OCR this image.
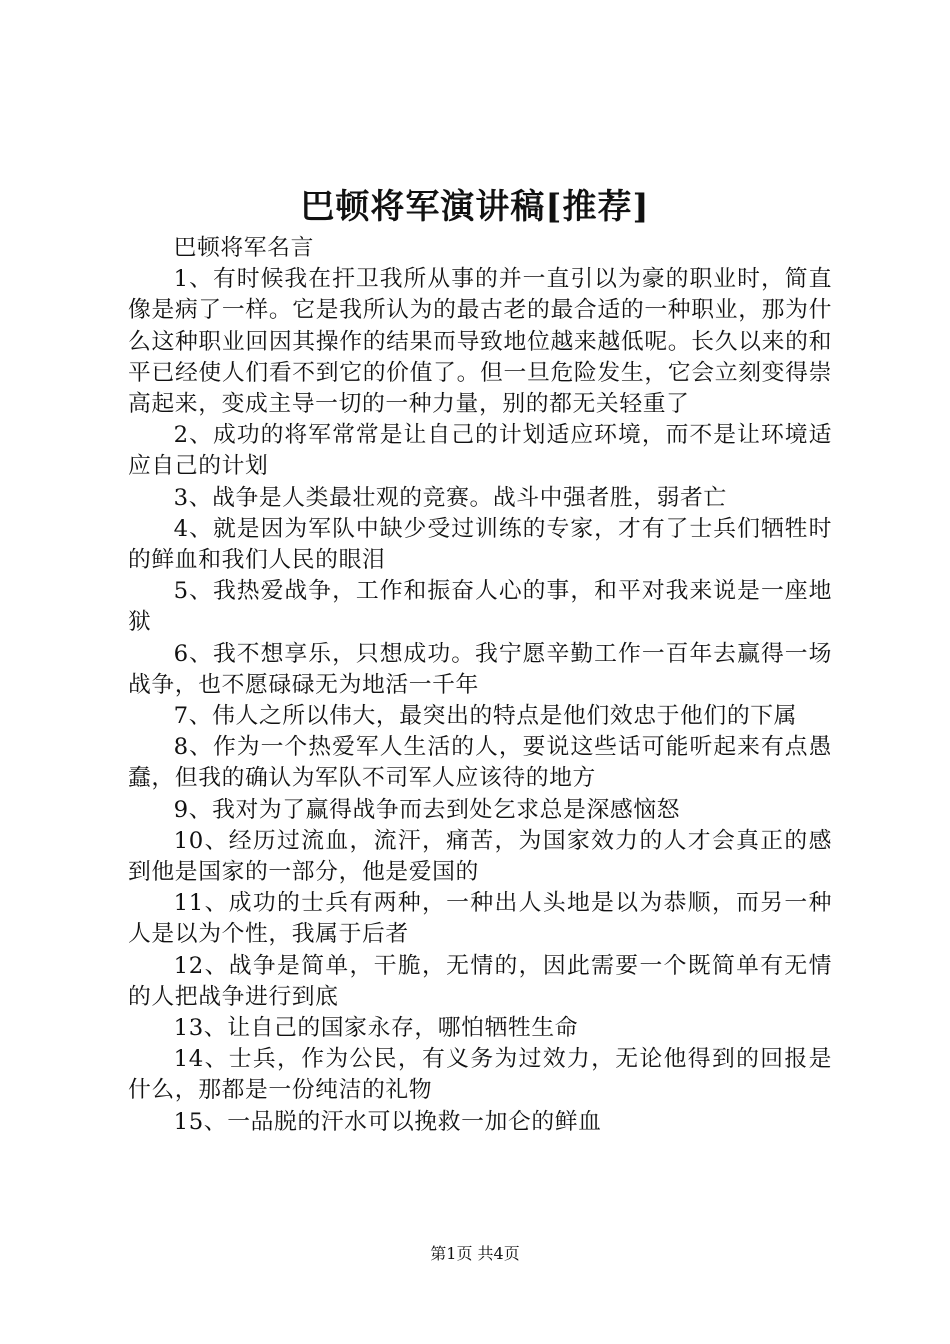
巴顿将军演讲稿[推荐]

巴顿将军名言

1、有时候我在扞卫我所从事的并一直引以为豪的职业时，简直像是病了一样。它是我所认为的最古老的最合适的一种职业，那为什么这种职业回因其操作的结果而导致地位越来越低呢。长久以来的和平已经使人们看不到它的价值了。但一旦危险发生，它会立刻变得崇高起来，变成主导一切的一种力量，别的都无关轻重了

2、成功的将军常常是让自己的计划适应环境，而不是让环境适应自己的计划

3、战争是人类最壮观的竞赛。战斗中强者胜，弱者亡

4、就是因为军队中缺少受过训练的专家，才有了士兵们牺牲时的鲜血和我们人民的眼泪

5、我热爱战争，工作和振奋人心的事，和平对我来说是一座地狱

6、我不想享乐，只想成功。我宁愿辛勤工作一百年去赢得一场战争，也不愿碌碌无为地活一千年

7、伟人之所以伟大，最突出的特点是他们效忠于他们的下属

8、作为一个热爱军人生活的人，要说这些话可能听起来有点愚蠢，但我的确认为军队不司军人应该待的地方

9、我对为了赢得战争而去到处乞求总是深感恼怒

10、经历过流血，流汗，痛苦，为国家效力的人才会真正的感到他是国家的一部分，他是爱国的

11、成功的士兵有两种，一种出人头地是以为恭顺，而另一种人是以为个性，我属于后者

12、战争是简单，干脆，无情的，因此需要一个既简单有无情的人把战争进行到底

13、让自己的国家永存，哪怕牺牲生命

14、士兵，作为公民，有义务为过效力，无论他得到的回报是什么，那都是一份纯洁的礼物

15、一品脱的汗水可以挽救一加仑的鲜血

第1页 共4页
